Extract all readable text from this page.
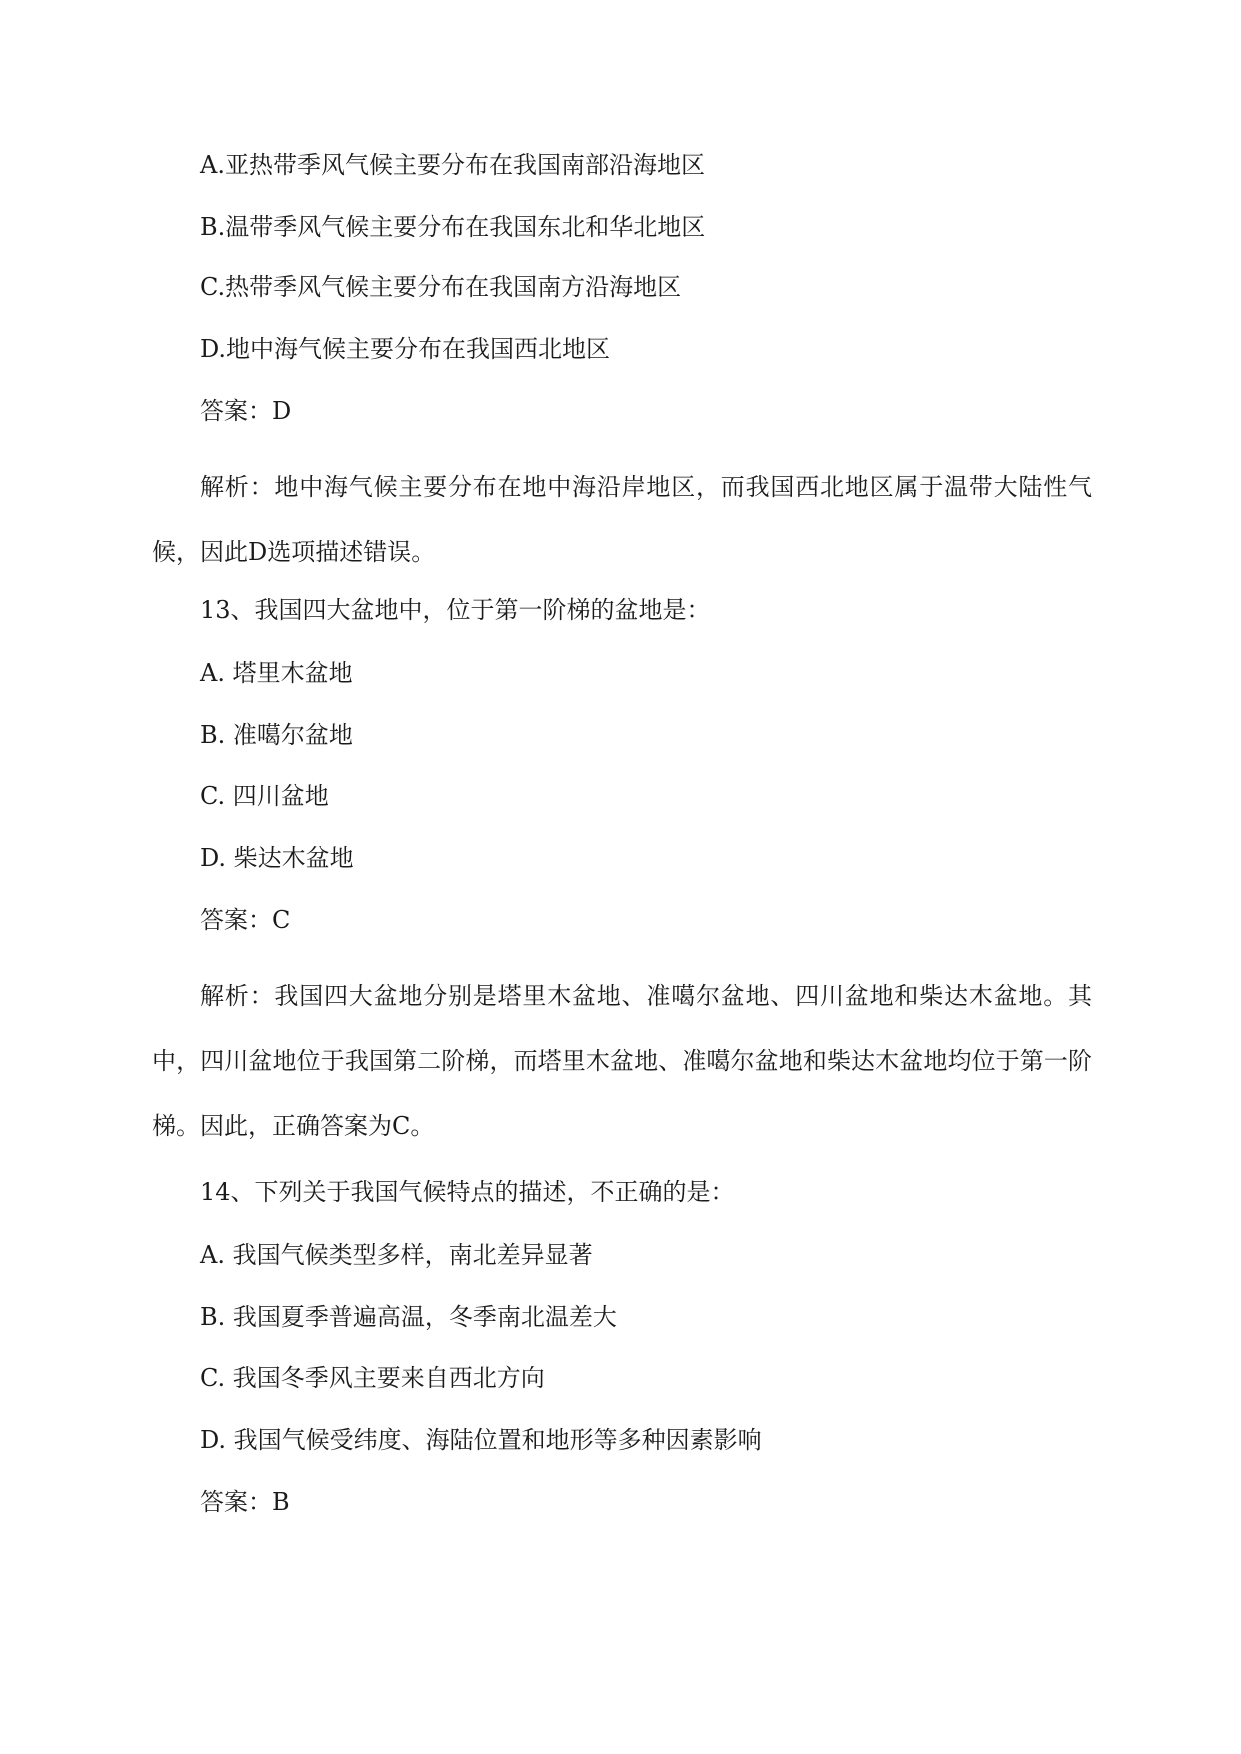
A.亚热带季风气候主要分布在我国南部沿海地区
B.温带季风气候主要分布在我国东北和华北地区
C.热带季风气候主要分布在我国南方沿海地区
D.地中海气候主要分布在我国西北地区
答案：D
解析：地中海气候主要分布在地中海沿岸地区，而我国西北地区属于温带大陆性气候，因此D选项描述错误。
13、我国四大盆地中，位于第一阶梯的盆地是：
A. 塔里木盆地
B. 准噶尔盆地
C. 四川盆地
D. 柴达木盆地
答案：C
解析：我国四大盆地分别是塔里木盆地、准噶尔盆地、四川盆地和柴达木盆地。其中，四川盆地位于我国第二阶梯，而塔里木盆地、准噶尔盆地和柴达木盆地均位于第一阶梯。因此，正确答案为C。
14、下列关于我国气候特点的描述，不正确的是：
A. 我国气候类型多样，南北差异显著
B. 我国夏季普遍高温，冬季南北温差大
C. 我国冬季风主要来自西北方向
D. 我国气候受纬度、海陆位置和地形等多种因素影响
答案：B
